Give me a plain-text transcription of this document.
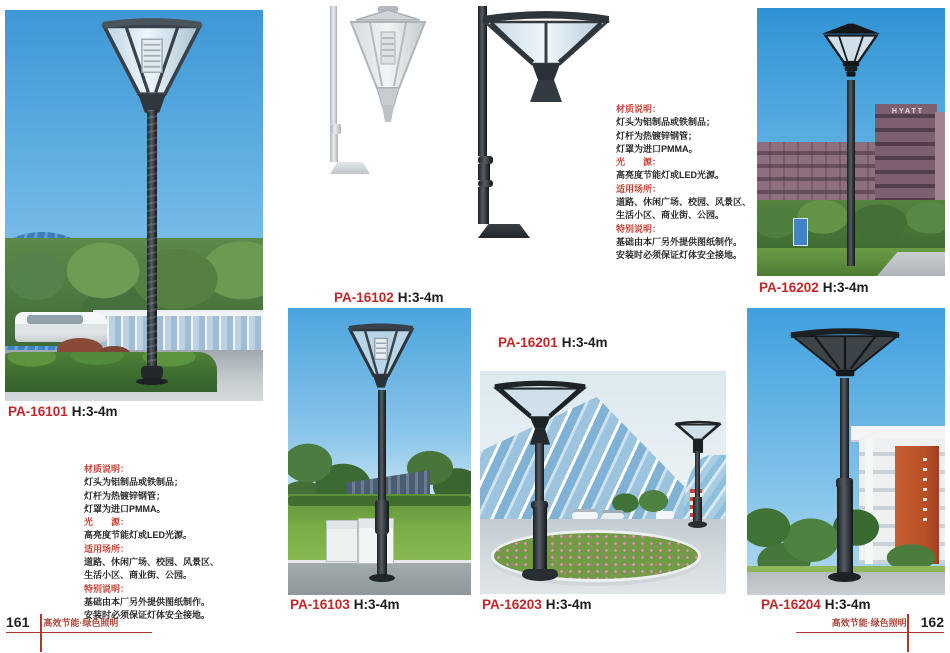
PA-16101 H:3-4m
PA-16102 H:3-4m
PA-16201 H:3-4m
材质说明：
灯头为铝制品或铁制品；
灯杆为热镀锌钢管；
灯罩为进口PMMA。
光　　源：
高亮度节能灯或LED光源。
适用场所：
道路、休闲广场、校园、风景区、
生活小区、商业街、公园。
特别说明：
基础由本厂另外提供图纸制作。
安装时必须保证灯体安全接地。
HYATT
PA-16202 H:3-4m
材质说明：
灯头为铝制品或铁制品；
灯杆为热镀锌钢管；
灯罩为进口PMMA。
光　　源：
高亮度节能灯或LED光源。
适用场所：
道路、休闲广场、校园、风景区、
生活小区、商业街、公园。
特别说明：
基础由本厂另外提供图纸制作。
安装时必须保证灯体安全接地。
PA-16103 H:3-4m	PA-16203 H:3-4m	PA-16204 H:3-4m
161 高效节能·绿色照明	高效节能·绿色照明 162
